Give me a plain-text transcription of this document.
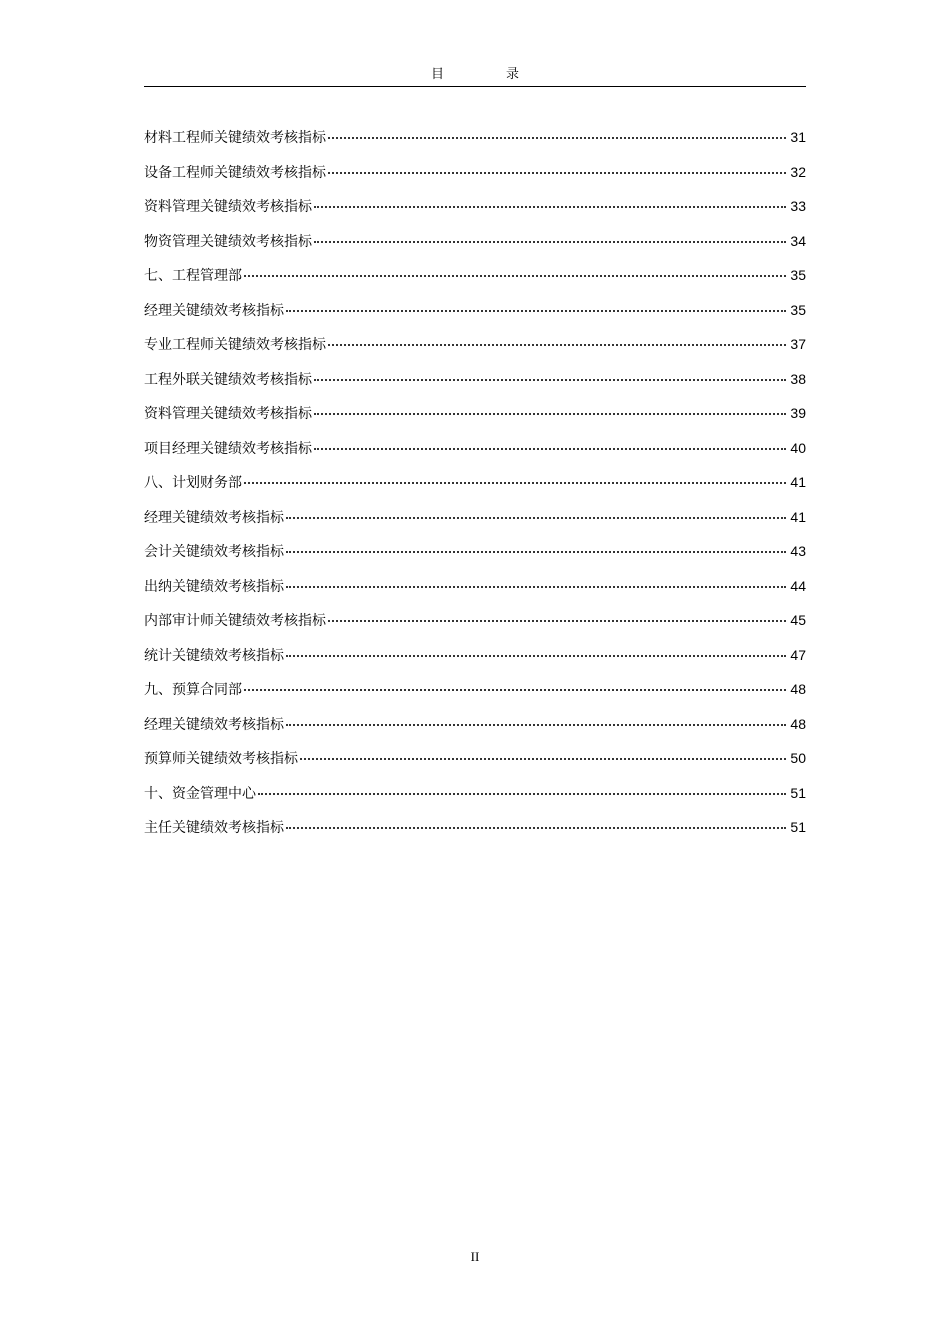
目录
材料工程师关键绩效考核指标	31
设备工程师关键绩效考核指标	32
资料管理关键绩效考核指标	33
物资管理关键绩效考核指标	34
七、工程管理部	35
经理关键绩效考核指标	35
专业工程师关键绩效考核指标	37
工程外联关键绩效考核指标	38
资料管理关键绩效考核指标	39
项目经理关键绩效考核指标	40
八、计划财务部	41
经理关键绩效考核指标	41
会计关键绩效考核指标	43
出纳关键绩效考核指标	44
内部审计师关键绩效考核指标	45
统计关键绩效考核指标	47
九、预算合同部	48
经理关键绩效考核指标	48
预算师关键绩效考核指标	50
十、资金管理中心	51
主任关键绩效考核指标	51
II
